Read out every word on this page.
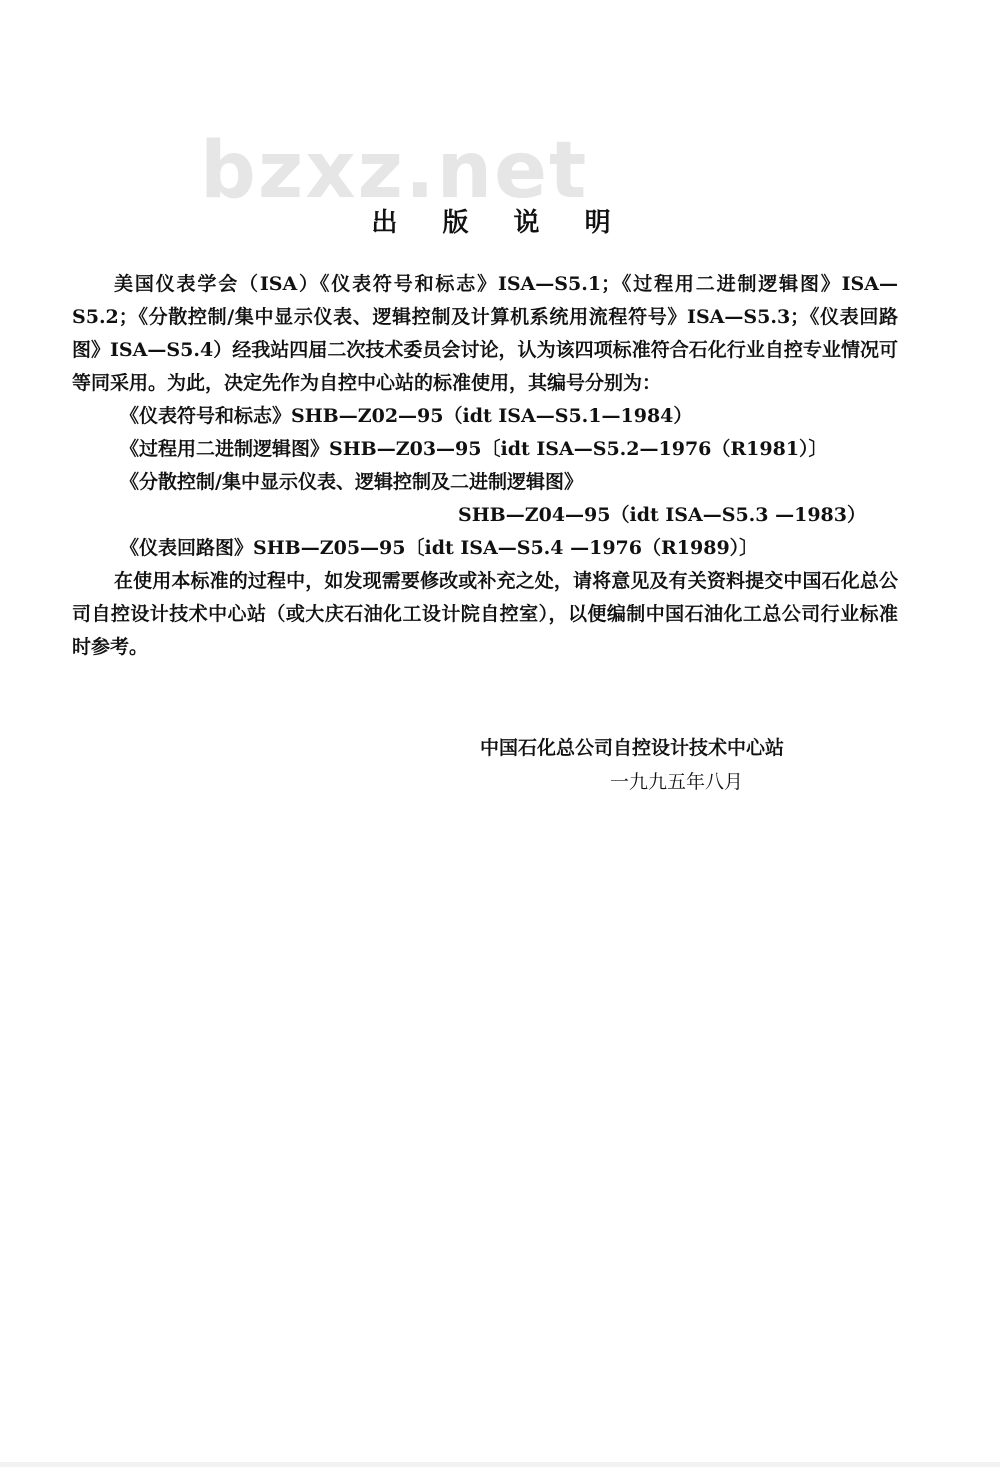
bzxz.net
出 版 说 明

美国仪表学会（ISA）《仪表符号和标志》ISA—S5.1；《过程用二进制逻辑图》ISA—S5.2；《分散控制/集中显示仪表、逻辑控制及计算机系统用流程符号》ISA—S5.3；《仪表回路图》ISA—S5.4）经我站四届二次技术委员会讨论，认为该四项标准符合石化行业自控专业情况可等同采用。为此，决定先作为自控中心站的标准使用，其编号分别为：

《仪表符号和标志》SHB—Z02—95（idt ISA—S5.1—1984）
《过程用二进制逻辑图》SHB—Z03—95〔idt ISA—S5.2—1976（R1981）〕
《分散控制/集中显示仪表、逻辑控制及二进制逻辑图》
SHB—Z04—95（idt ISA—S5.3 —1983）
《仪表回路图》SHB—Z05—95〔idt ISA—S5.4 —1976（R1989）〕

在使用本标准的过程中，如发现需要修改或补充之处，请将意见及有关资料提交中国石化总公司自控设计技术中心站（或大庆石油化工设计院自控室），以便编制中国石油化工总公司行业标准时参考。

中国石化总公司自控设计技术中心站
一九九五年八月
